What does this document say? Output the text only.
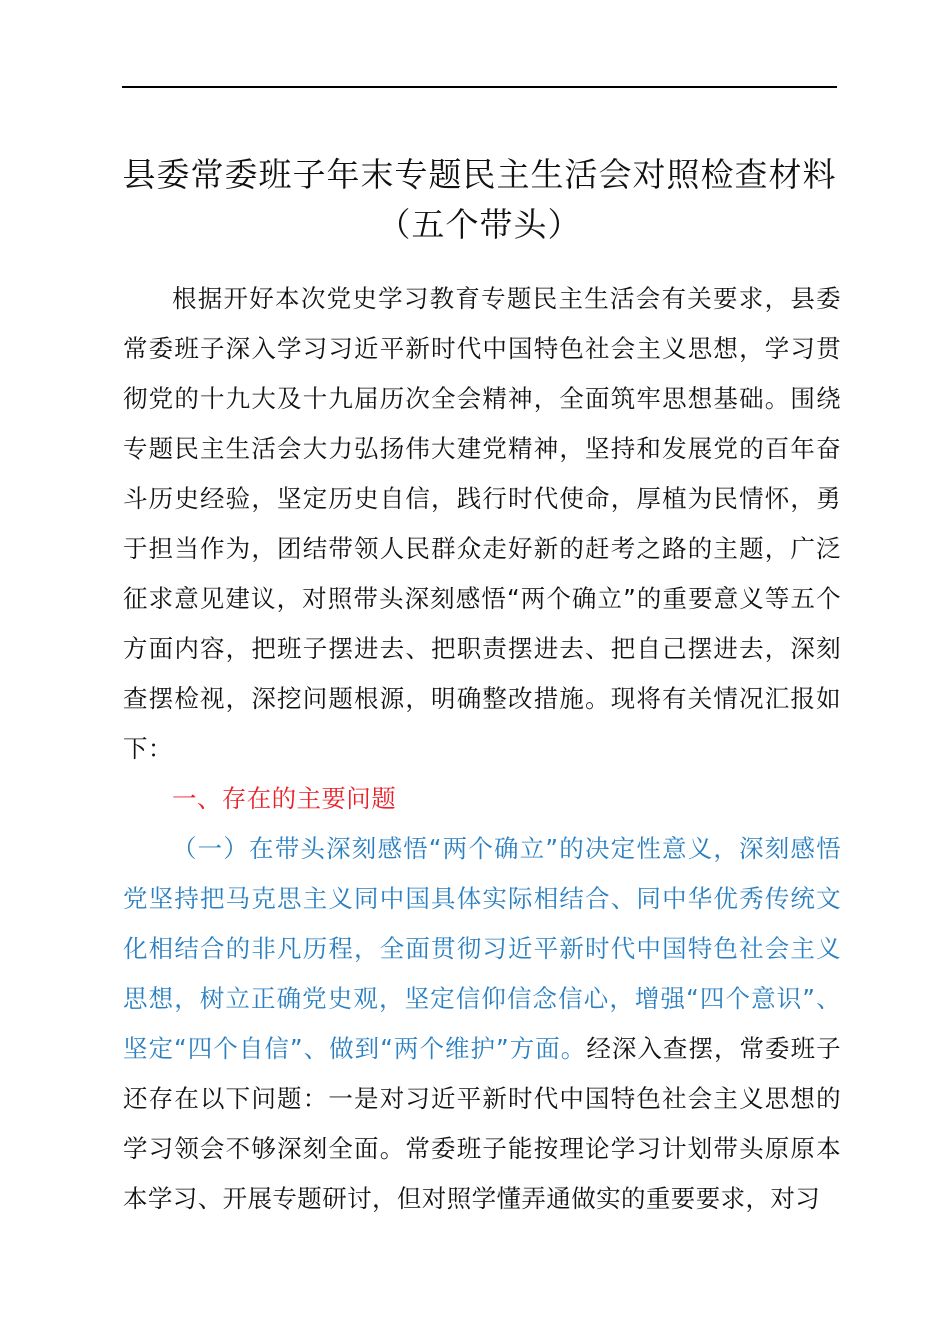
县委常委班子年末专题民主生活会对照检查材料（五个带头）

根据开好本次党史学习教育专题民主生活会有关要求，县委常委班子深入学习习近平新时代中国特色社会主义思想，学习贯彻党的十九大及十九届历次全会精神，全面筑牢思想基础。围绕专题民主生活会大力弘扬伟大建党精神，坚持和发展党的百年奋斗历史经验，坚定历史自信，践行时代使命，厚植为民情怀，勇于担当作为，团结带领人民群众走好新的赶考之路的主题，广泛征求意见建议，对照带头深刻感悟“两个确立”的重要意义等五个方面内容，把班子摆进去、把职责摆进去、把自己摆进去，深刻查摆检视，深挖问题根源，明确整改措施。现将有关情况汇报如下：

一、存在的主要问题

（一）在带头深刻感悟“两个确立”的决定性意义，深刻感悟党坚持把马克思主义同中国具体实际相结合、同中华优秀传统文化相结合的非凡历程，全面贯彻习近平新时代中国特色社会主义思想，树立正确党史观，坚定信仰信念信心，增强“四个意识”、坚定“四个自信”、做到“两个维护”方面。经深入查摆，常委班子还存在以下问题：一是对习近平新时代中国特色社会主义思想的学习领会不够深刻全面。常委班子能按理论学习计划带头原原本本学习、开展专题研讨，但对照学懂弄通做实的重要要求，对习
